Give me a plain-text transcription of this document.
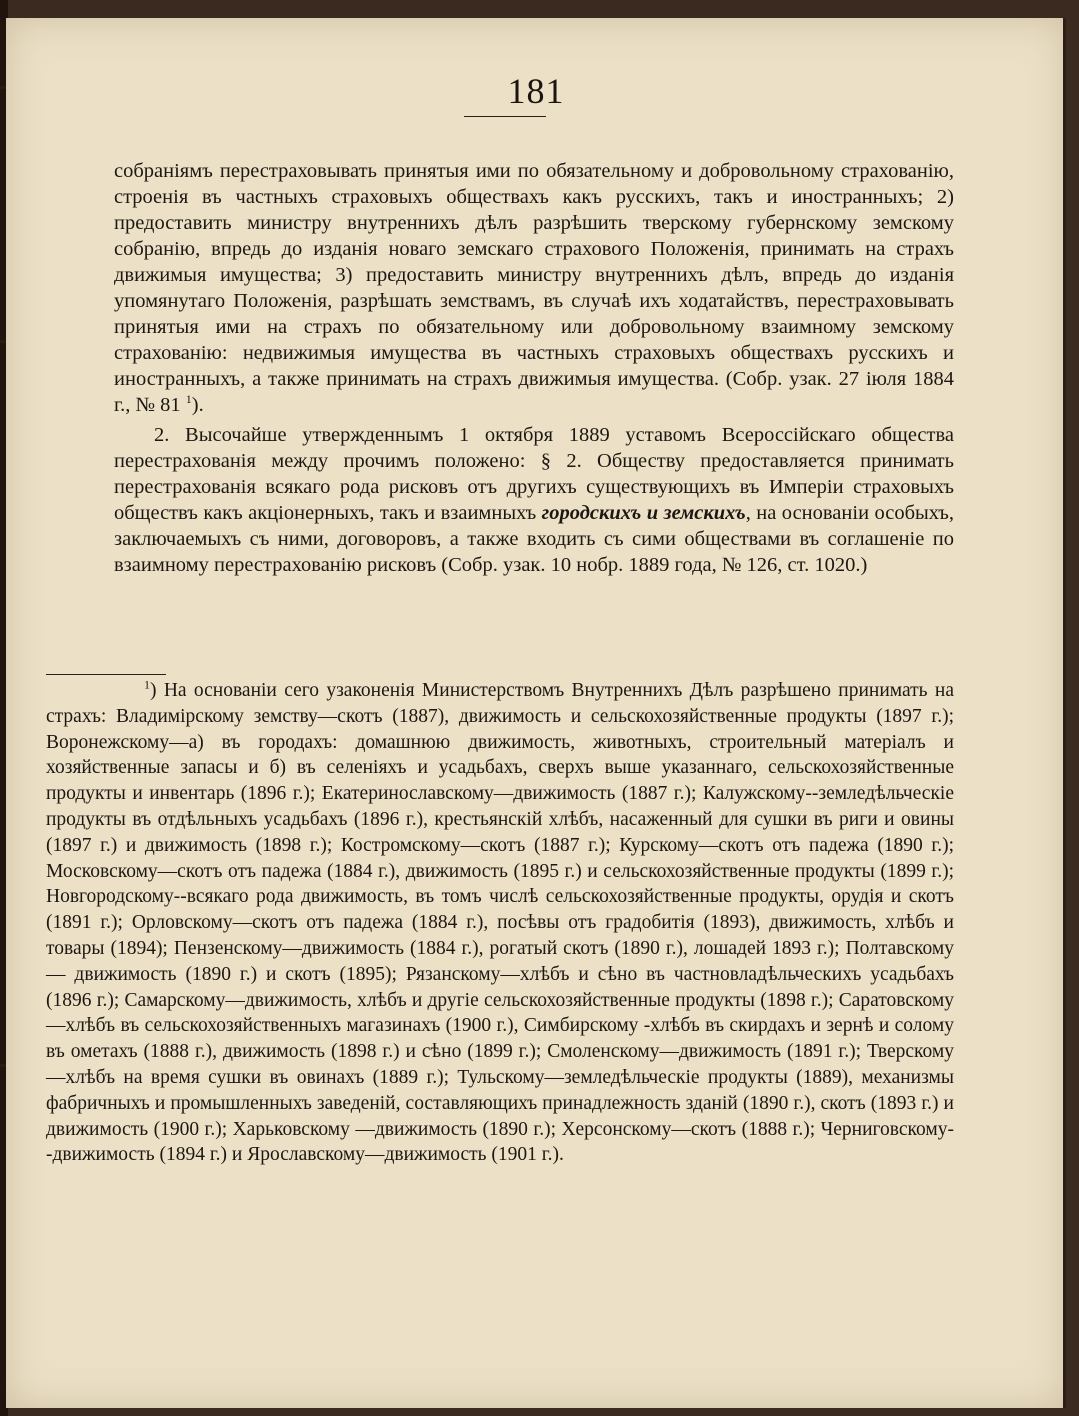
181

собраніямъ перестраховывать принятыя ими по обязательному и добровольному страхованію, строенія въ частныхъ страховыхъ обществахъ какъ русскихъ, такъ и иностранныхъ; 2) предоставить министру внутреннихъ дѣлъ разрѣшить тверскому губернскому земскому собранію, впредь до изданія новаго земскаго страхового Положенія, принимать на страхъ движимыя имущества; 3) предоставить министру внутреннихъ дѣлъ, впредь до изданія упомянутаго Положенія, разрѣшать земствамъ, въ случаѣ ихъ ходатайствъ, перестраховывать принятыя ими на страхъ по обязательному или добровольному взаимному земскому страхованію: недвижимыя имущества въ частныхъ страховыхъ обществахъ русскихъ и иностранныхъ, а также принимать на страхъ движимыя имущества. (Собр. узак. 27 іюля 1884 г., № 81 $^1$).

2. Высочайше утвержденнымъ 1 октября 1889 уставомъ Всероссійскаго общества перестрахованія между прочимъ положено: § 2. Обществу предоставляется принимать перестрахованія всякаго рода рисковъ отъ другихъ существующихъ въ Имперіи страховыхъ обществъ какъ акціонерныхъ, такъ и взаимныхъ городскихъ и земскихъ, на основаніи особыхъ, заключаемыхъ съ ними, договоровъ, а также входить съ сими обществами въ соглашеніе по взаимному перестрахованію рисковъ (Собр. узак. 10 нобр. 1889 года, № 126, ст. 1020.)

$^1$) На основаніи сего узаконенія Министерствомъ Внутреннихъ Дѣлъ разрѣшено принимать на страхъ: Владимірскому земству—скотъ (1887), движимость и сельскохозяйственные продукты (1897 г.); Воронежскому—а) въ городахъ: домашнюю движимость, животныхъ, строительный матеріалъ и хозяйственные запасы и б) въ селеніяхъ и усадьбахъ, сверхъ выше указаннаго, сельскохозяйственные продукты и инвентарь (1896 г.); Екатеринославскому—движимость (1887 г.); Калужскому--земледѣльческіе продукты въ отдѣльныхъ усадьбахъ (1896 г.), крестьянскій хлѣбъ, насаженный для сушки въ риги и овины (1897 г.) и движимость (1898 г.); Костромскому—скотъ (1887 г.); Курскому—скотъ отъ падежа (1890 г.); Московскому—скотъ отъ падежа (1884 г.), движимость (1895 г.) и сельскохозяйственные продукты (1899 г.); Новгородскому--всякаго рода движимость, въ томъ числѣ сельскохозяйственные продукты, орудія и скотъ (1891 г.); Орловскому—скотъ отъ падежа (1884 г.), посѣвы отъ градобитія (1893), движимость, хлѣбъ и товары (1894); Пензенскому—движимость (1884 г.), рогатый скотъ (1890 г.), лошадей 1893 г.); Полтавскому — движимость (1890 г.) и скотъ (1895); Рязанскому—хлѣбъ и сѣно въ частновладѣльческихъ усадьбахъ (1896 г.); Самарскому—движимость, хлѣбъ и другіе сельскохозяйственные продукты (1898 г.); Саратовскому—хлѣбъ въ сельскохозяйственныхъ магазинахъ (1900 г.), Симбирскому -хлѣбъ въ скирдахъ и зернѣ и солому въ ометахъ (1888 г.), движимость (1898 г.) и сѣно (1899 г.); Смоленскому—движимость (1891 г.); Тверскому—хлѣбъ на время сушки въ овинахъ (1889 г.); Тульскому—земледѣльческіе продукты (1889), механизмы фабричныхъ и промышленныхъ заведеній, составляющихъ принадлежность зданій (1890 г.), скотъ (1893 г.) и движимость (1900 г.); Харьковскому —движимость (1890 г.); Херсонскому—скотъ (1888 г.); Черниговскому--движимость (1894 г.) и Ярославскому—движимость (1901 г.).
